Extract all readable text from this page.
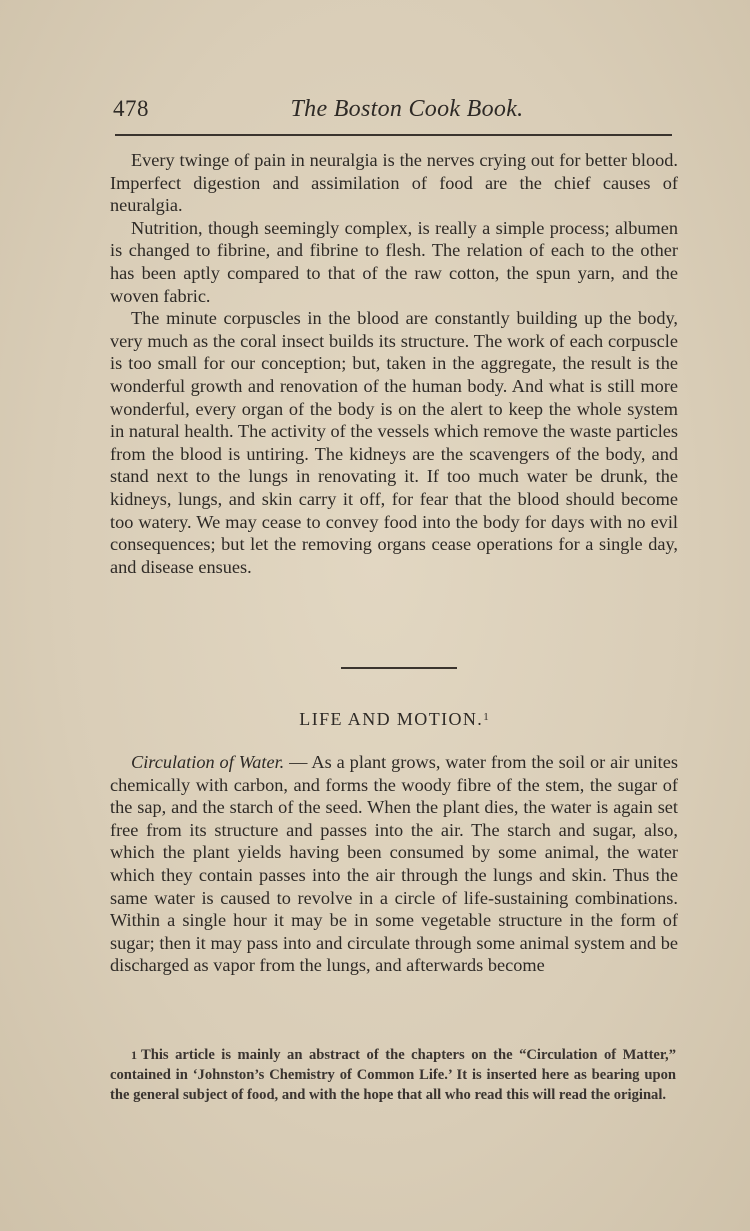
478	The Boston Cook Book.

Every twinge of pain in neuralgia is the nerves crying out for better blood. Imperfect digestion and assimilation of food are the chief causes of neuralgia.

Nutrition, though seemingly complex, is really a simple process; albumen is changed to fibrine, and fibrine to flesh. The relation of each to the other has been aptly compared to that of the raw cotton, the spun yarn, and the woven fabric.

The minute corpuscles in the blood are constantly building up the body, very much as the coral insect builds its structure. The work of each corpuscle is too small for our conception; but, taken in the aggregate, the result is the wonderful growth and renovation of the human body. And what is still more wonderful, every organ of the body is on the alert to keep the whole system in natural health. The activity of the vessels which remove the waste particles from the blood is untiring. The kidneys are the scavengers of the body, and stand next to the lungs in renovating it. If too much water be drunk, the kidneys, lungs, and skin carry it off, for fear that the blood should become too watery. We may cease to convey food into the body for days with no evil consequences; but let the removing organs cease operations for a single day, and disease ensues.

LIFE AND MOTION.$^1$

Circulation of Water. — As a plant grows, water from the soil or air unites chemically with carbon, and forms the woody fibre of the stem, the sugar of the sap, and the starch of the seed. When the plant dies, the water is again set free from its structure and passes into the air. The starch and sugar, also, which the plant yields having been consumed by some animal, the water which they contain passes into the air through the lungs and skin. Thus the same water is caused to revolve in a circle of life-sustaining combinations. Within a single hour it may be in some vegetable structure in the form of sugar; then it may pass into and circulate through some animal system and be discharged as vapor from the lungs, and afterwards become

1 This article is mainly an abstract of the chapters on the “Circulation of Matter,” contained in ‘Johnston’s Chemistry of Common Life.’ It is inserted here as bearing upon the general subject of food, and with the hope that all who read this will read the original.
